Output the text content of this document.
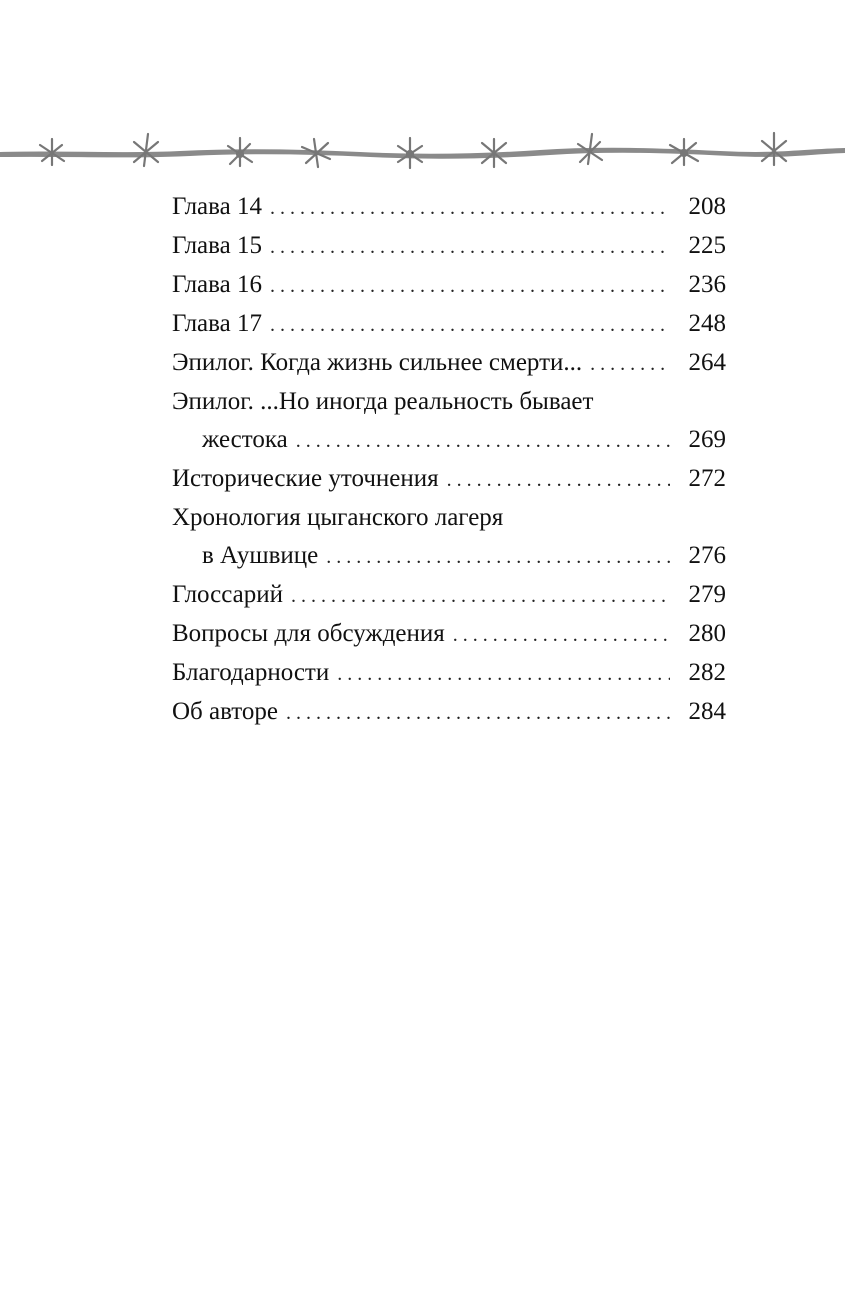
Глава 14 . . .	208
Глава 15 . . .	225
Глава 16 . . .	236
Глава 17 . . .	248
Эпилог. Когда жизнь сильнее смерти... . . .	264
Эпилог. ...Но иногда реальность бывает
жестока . . .	269
Исторические уточнения . . .	272
Хронология цыганского лагеря
в Аушвице . . .	276
Глоссарий . . .	279
Вопросы для обсуждения . . .	280
Благодарности . . .	282
Об авторе . . .	284
